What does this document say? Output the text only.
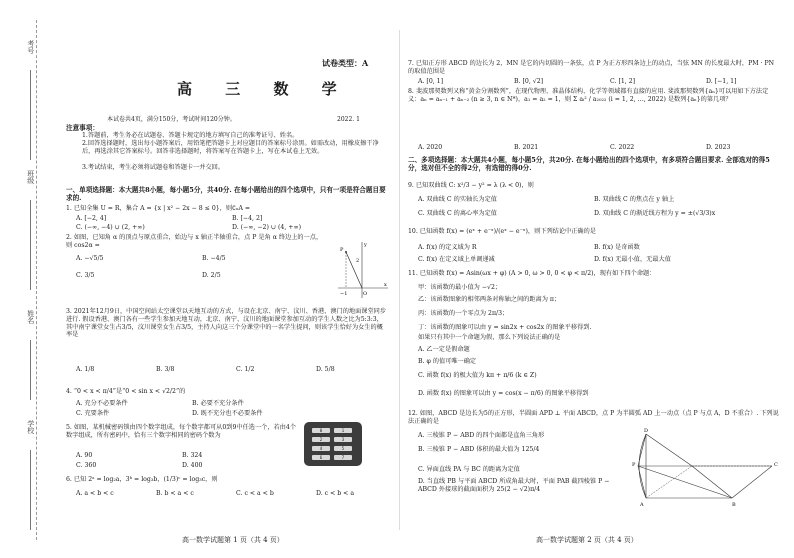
考号
班级
姓名
学校
试卷类型：A
高 三 数 学
本试卷共4页，满分150分，考试时间120分钟。	2022. 1
注意事项：
1.答题前，考生务必在试题卷、答题卡规定的地方填写自己的准考证号、姓名。
2.回答选择题时，选出每小题答案后，用铅笔把答题卡上对应题目的答案标号涂黑。如需改动，用橡皮擦干净后，再选涂其它答案标号。回答非选择题时，将答案写在答题卡上，写在本试卷上无效。
3.考试结束，考生必须将试题卷和答题卡一并交回。
一、单项选择题：本大题共8小题，每小题5分，共40分. 在每小题给出的四个选项中，只有一项是符合题目要求的.
1. 已知全集 U = R，集合 A = {x | x² − 2x − 8 ≤ 0}，则∁ᵤA =
A. [−2, 4]	B. [−4, 2]
C. (−∞, −4) ∪ (2, +∞)	D. (−∞, −2) ∪ (4, +∞)
2. 如图，已知角 α 的顶点与原点重合，始边与 x 轴正半轴重合，点 P 是角 α 终边上的一点，则 cos2α =
A. −√5/5	B. −4/5
C. 3/5	D. 2/5
y
x
P
O
−1
2
3. 2021年12月9日，中国空间站太空课堂以天地互动的方式，与设在北京、南宁、汶川、香港、澳门的地面课堂同步进行. 假设香港、澳门各有一些学生参加天地互动，北京、南宁、汶川的地面课堂参加互动的学生人数之比为5:3:3，其中南宁课堂女生占3/5，汶川课堂女生占3/5，主持人向这三个分课堂中的一名学生提问，则该学生恰好为女生的概率是
A. 1/8	B. 3/8	C. 1/2	D. 5/8
4. “0 < x < π/4”是“0 < sin x < √2/2”的
A. 充分不必要条件	B. 必要不充分条件
C. 充要条件	D. 既不充分也不必要条件
5. 如图，某机械密码锁由四个数字组成，每个数字都可从0到9中任选一个，若由4个数字组成，所有密码中，恰有三个数字相同的密码个数为
A. 90	B. 324
C. 360	D. 400
0	1
2	3
4	5
6	7
6. 已知 2ᵃ = log₂a，3ᵇ = log₃b，(1/3)ᶜ = log₃c，则
A. a < b < c	B. b < a < c	C. c < a < b	D. c < b < a
高一数学试题第 1 页（共 4 页）
7. 已知正方形 ABCD 的边长为 2，MN 是它的内切圆的一条弦，点 P 为正方形四条边上的动点，当弦 MN 的长度最大时，PM · PN 的取值范围是
A. [0, 1]	B. [0, √2]	C. [1, 2]	D. [−1, 1]
8. 斐波那契数列又称“黄金分割数列”，在现代物理、准晶体结构、化学等领域都有直接的应用. 斐波那契数列{aₙ}可以用如下方法定义：aₙ = aₙ₋₁ + aₙ₋₂ (n ≥ 3, n ∈ N*)，a₁ = a₂ = 1，则 Σ aᵢ² / a₂₀₂₂ (i = 1, 2, …, 2022) 是数列{aₙ}的第几项？
A. 2020	B. 2021	C. 2022	D. 2023
二、多项选择题：本大题共4小题，每小题5分，共20分. 在每小题给出的四个选项中，有多项符合题目要求. 全部选对的得5分，选对但不全的得2分，有选错的得0分.
9. 已知双曲线 C: x²/3 − y² = λ (λ < 0)，则
A. 双曲线 C 的实轴长为定值	B. 双曲线 C 的焦点在 y 轴上
C. 双曲线 C 的离心率为定值	D. 双曲线 C 的渐近线方程为 y = ±(√3/3)x
10. 已知函数 f(x) = (eˣ + e⁻ˣ)/(eˣ − e⁻ˣ)，则下列结论中正确的是
A. f(x) 的定义域为 R	B. f(x) 是奇函数
C. f(x) 在定义域上单调递减	D. f(x) 无最小值，无最大值
11. 已知函数 f(x) = Asin(ωx + φ) (A > 0, ω > 0, 0 < φ < π/2)，现有如下四个命题：
甲：该函数的最小值为 −√2；
乙：该函数图象的相邻两条对称轴之间的距离为 π；
丙：该函数的一个零点为 2π/3；
丁：该函数的图象可以由 y = sin2x + cos2x 的图象平移得到.
如果只有其中一个命题为假，那么下列说法正确的是
A. 乙一定是假命题
B. φ 的值可唯一确定
C. 函数 f(x) 的极大值为 kπ + π/6 (k ∈ Z)
D. 函数 f(x) 的图象可以由 y = cos(x − π/6) 的图象平移得到
12. 如图，ABCD 是边长为5的正方形，半圆面 APD ⊥ 平面 ABCD，点 P 为半圆弧 AD 上一动点（点 P 与点 A，D 不重合）. 下列说法正确的是
A. 三棱锥 P − ABD 的四个面都是直角三角形
B. 三棱锥 P − ABD 体积的最大值为 125/4
C. 异面直线 PA 与 BC 的距离为定值
D. 当直线 PB 与平面 ABCD 所成角最大时，平面 PAB 截四棱锥 P − ABCD 外接球的截面面积为 25(2 − √2)π/4
P
A	B
C
D
高一数学试题第 2 页（共 4 页）
